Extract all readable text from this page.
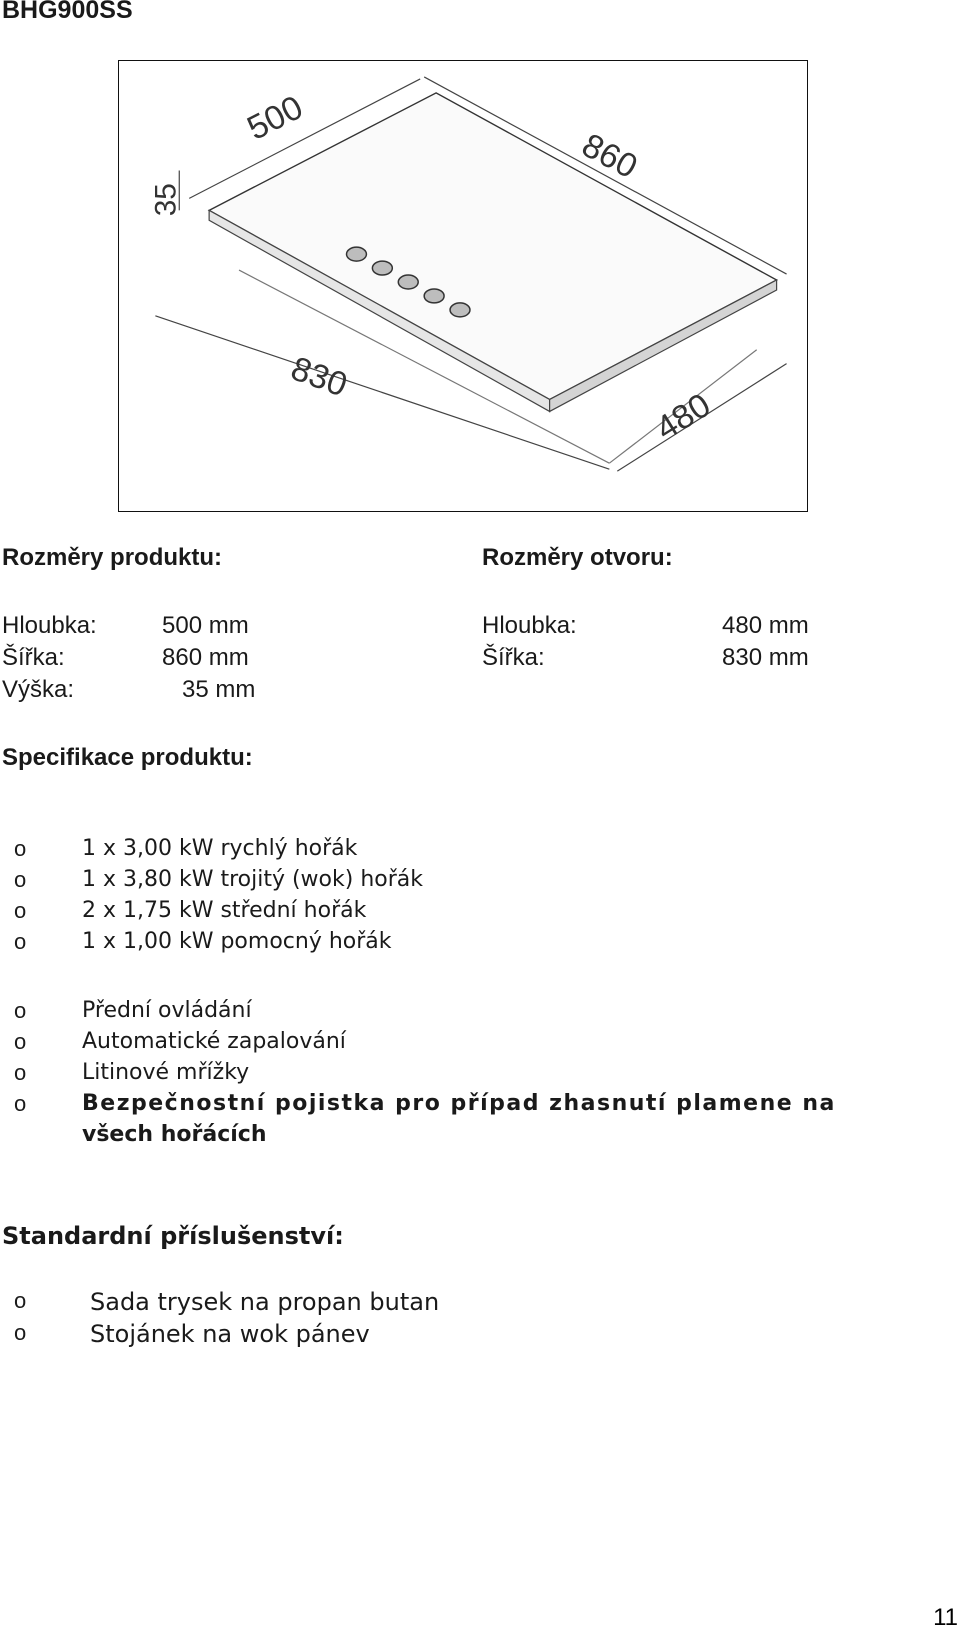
BHG900SS
500
860
35
830
480
Rozměry produktu:
Hloubka:	500 mm
Šířka:	860 mm
Výška:	35 mm
Rozměry otvoru:
Hloubka:	480 mm
Šířka:	830 mm
Specifikace produktu:
o	1 x 3,00 kW rychlý hořák
o	1 x 3,80 kW trojitý (wok) hořák
o	2 x 1,75 kW střední hořák
o	1 x 1,00 kW pomocný hořák
o	Přední ovládání
o	Automatické zapalování
o	Litinové mřížky
o	Bezpečnostní pojistka pro případ zhasnutí plamene na
všech hořácích
Standardní příslušenství:
o	Sada trysek na propan butan
o	Stojánek na wok pánev
11
